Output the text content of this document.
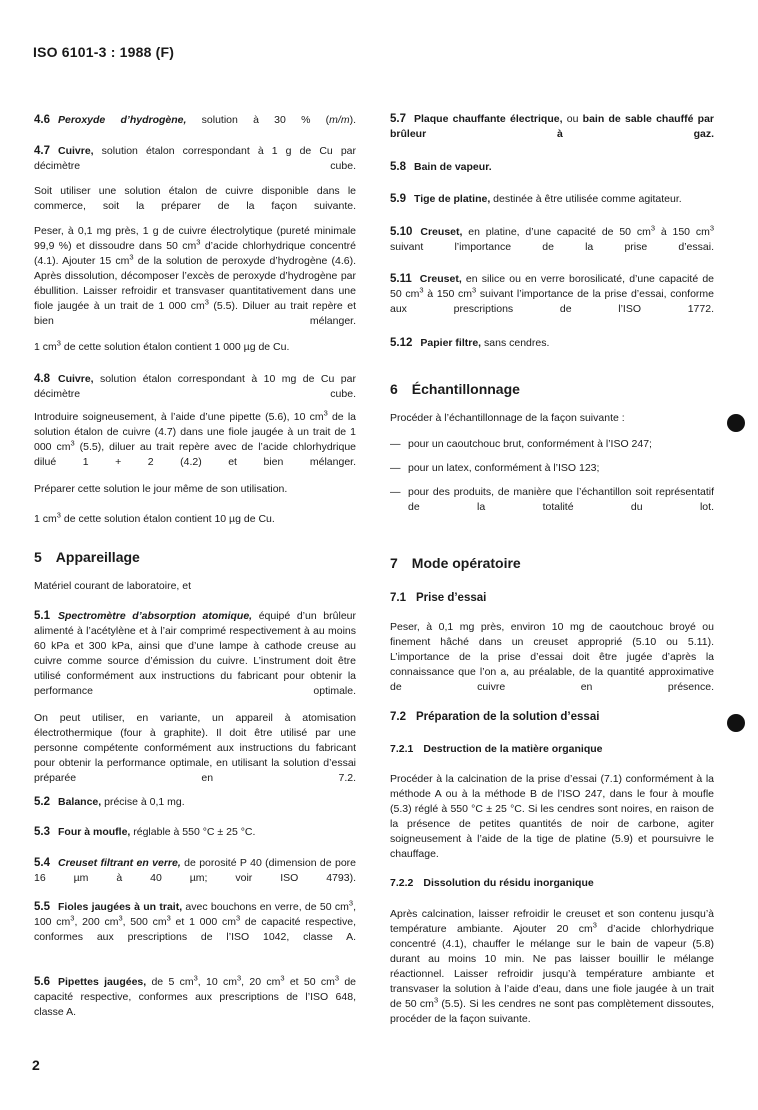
ISO 6101-3 : 1988 (F)

4.6 Peroxyde d’hydrogène, solution à 30 % (m/m).

4.7 Cuivre, solution étalon correspondant à 1 g de Cu par décimètre cube.

Soit utiliser une solution étalon de cuivre disponible dans le commerce, soit la préparer de la façon suivante.

Peser, à 0,1 mg près, 1 g de cuivre électrolytique (pureté minimale 99,9 %) et dissoudre dans 50 $cm^3$ d’acide chlorhydrique concentré (4.1). Ajouter 15 $cm^3$ de la solution de peroxyde d’hydrogène (4.6). Après dissolution, décomposer l’excès de peroxyde d’hydrogène par ébullition. Laisser refroidir et transvaser quantitativement dans une fiole jaugée à un trait de 1 000 $cm^3$ (5.5). Diluer au trait repère et bien mélanger.

1 $cm^3$ de cette solution étalon contient 1 000 µg de Cu.

4.8 Cuivre, solution étalon correspondant à 10 mg de Cu par décimètre cube.

Introduire soigneusement, à l’aide d’une pipette (5.6), 10 $cm^3$ de la solution étalon de cuivre (4.7) dans une fiole jaugée à un trait de 1 000 $cm^3$ (5.5), diluer au trait repère avec de l’acide chlorhydrique dilué 1 + 2 (4.2) et bien mélanger.

Préparer cette solution le jour même de son utilisation.

1 $cm^3$ de cette solution étalon contient 10 µg de Cu.

5 Appareillage

Matériel courant de laboratoire, et

5.1 Spectromètre d’absorption atomique, équipé d’un brûleur alimenté à l’acétylène et à l’air comprimé respectivement à au moins 60 kPa et 300 kPa, ainsi que d’une lampe à cathode creuse au cuivre comme source d’émission du cuivre. L’instrument doit être utilisé conformément aux instructions du fabricant pour obtenir la performance optimale.

On peut utiliser, en variante, un appareil à atomisation électrothermique (four à graphite). Il doit être utilisé par une personne compétente conformément aux instructions du fabricant pour obtenir la performance optimale, en utilisant la solution d’essai préparée en 7.2.

5.2 Balance, précise à 0,1 mg.

5.3 Four à moufle, réglable à 550 °C ± 25 °C.

5.4 Creuset filtrant en verre, de porosité P 40 (dimension de pore 16 µm à 40 µm; voir ISO 4793).

5.5 Fioles jaugées à un trait, avec bouchons en verre, de 50 $cm^3$, 100 $cm^3$, 200 $cm^3$, 500 $cm^3$ et 1 000 $cm^3$ de capacité respective, conformes aux prescriptions de l’ISO 1042, classe A.

5.6 Pipettes jaugées, de 5 $cm^3$, 10 $cm^3$, 20 $cm^3$ et 50 $cm^3$ de capacité respective, conformes aux prescriptions de l’ISO 648, classe A.

5.7 Plaque chauffante électrique, ou bain de sable chauffé par brûleur à gaz.

5.8 Bain de vapeur.

5.9 Tige de platine, destinée à être utilisée comme agitateur.

5.10 Creuset, en platine, d’une capacité de 50 $cm^3$ à 150 $cm^3$ suivant l’importance de la prise d’essai.

5.11 Creuset, en silice ou en verre borosilicaté, d’une capacité de 50 $cm^3$ à 150 $cm^3$ suivant l’importance de la prise d’essai, conforme aux prescriptions de l’ISO 1772.

5.12 Papier filtre, sans cendres.

6 Échantillonnage

Procéder à l’échantillonnage de la façon suivante :

— pour un caoutchouc brut, conformément à l’ISO 247;

— pour un latex, conformément à l’ISO 123;

— pour des produits, de manière que l’échantillon soit représentatif de la totalité du lot.

7 Mode opératoire
7.1 Prise d’essai

Peser, à 0,1 mg près, environ 10 mg de caoutchouc broyé ou finement hâché dans un creuset approprié (5.10 ou 5.11). L’importance de la prise d’essai doit être jugée d’après la connaissance que l’on a, au préalable, de la quantité approximative de cuivre en présence.

7.2 Préparation de la solution d’essai
7.2.1 Destruction de la matière organique

Procéder à la calcination de la prise d’essai (7.1) conformément à la méthode A ou à la méthode B de l’ISO 247, dans le four à moufle (5.3) réglé à 550 °C ± 25 °C. Si les cendres sont noires, en raison de la présence de petites quantités de noir de carbone, agiter soigneusement à l’aide de la tige de platine (5.9) et poursuivre le chauffage.

7.2.2 Dissolution du résidu inorganique

Après calcination, laisser refroidir le creuset et son contenu jusqu’à température ambiante. Ajouter 20 $cm^3$ d’acide chlorhydrique concentré (4.1), chauffer le mélange sur le bain de vapeur (5.8) durant au moins 10 min. Ne pas laisser bouillir le mélange réactionnel. Laisser refroidir jusqu’à température ambiante et transvaser la solution à l’aide d’eau, dans une fiole jaugée à un trait de 50 $cm^3$ (5.5). Si les cendres ne sont pas complètement dissoutes, procéder de la façon suivante.

2
